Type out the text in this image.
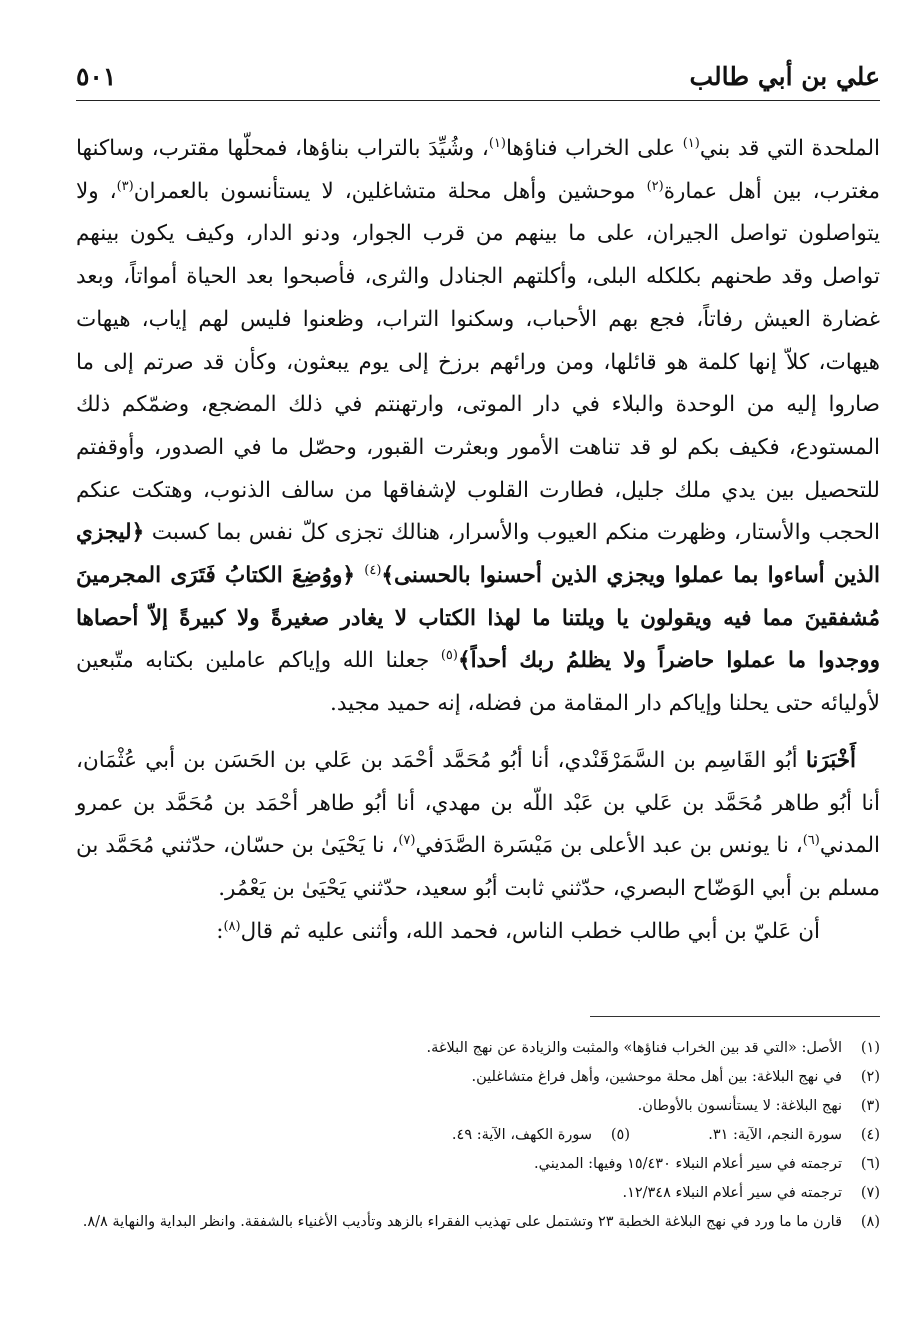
علي بن أبي طالب
٥٠١

الملحدة التي قد بني$^{(١)}$ على الخراب فناؤها$^{(١)}$، وشُيِّدَ بالتراب بناؤها، فمحلّها مقترب، وساكنها مغترب، بين أهل عمارة$^{(٢)}$ موحشين وأهل محلة متشاغلين، لا يستأنسون بالعمران$^{(٣)}$، ولا يتواصلون تواصل الجيران، على ما بينهم من قرب الجوار، ودنو الدار، وكيف يكون بينهم تواصل وقد طحنهم بكلكله البلى، وأكلتهم الجنادل والثرى، فأصبحوا بعد الحياة أمواتاً، وبعد غضارة العيش رفاتاً، فجع بهم الأحباب، وسكنوا التراب، وظعنوا فليس لهم إياب، هيهات هيهات، كلاّ إنها كلمة هو قائلها، ومن ورائهم برزخ إلى يوم يبعثون، وكأن قد صرتم إلى ما صاروا إليه من الوحدة والبلاء في دار الموتى، وارتهنتم في ذلك المضجع، وضمّكم ذلك المستودع، فكيف بكم لو قد تناهت الأمور وبعثرت القبور، وحصّل ما في الصدور، وأوقفتم للتحصيل بين يدي ملك جليل، فطارت القلوب لإشفاقها من سالف الذنوب، وهتكت عنكم الحجب والأستار، وظهرت منكم العيوب والأسرار، هنالك تجزى كلّ نفس بما كسبت ﴿ليجزي الذين أساءوا بما عملوا ويجزي الذين أحسنوا بالحسنى﴾$^{(٤)}$ ﴿ووُضِعَ الكتابُ فَتَرَى المجرمينَ مُشفقينَ مما فيه ويقولون يا ويلتنا ما لهذا الكتاب لا يغادر صغيرةً ولا كبيرةً إلاّ أحصاها ووجدوا ما عملوا حاضراً ولا يظلمُ ربك أحداً﴾$^{(٥)}$ جعلنا الله وإياكم عاملين بكتابه متّبعين لأوليائه حتى يحلنا وإياكم دار المقامة من فضله، إنه حميد مجيد.

أَخْبَرَنا أبُو القَاسِم بن السَّمَرْقَنْدي، أنا أبُو مُحَمَّد أحْمَد بن عَلي بن الحَسَن بن أبي عُثْمَان، أنا أبُو طاهر مُحَمَّد بن عَلي بن عَبْد اللّه بن مهدي، أنا أبُو طاهر أحْمَد بن مُحَمَّد بن عمرو المدني$^{(٦)}$، نا يونس بن عبد الأعلى بن مَيْسَرة الصَّدَفي$^{(٧)}$، نا يَحْيَىٰ بن حسّان، حدّثني مُحَمَّد بن مسلم بن أبي الوَضّاح البصري، حدّثني ثابت أبُو سعيد، حدّثني يَحْيَىٰ بن يَعْمُر.

أن عَليّ بن أبي طالب خطب الناس، فحمد الله، وأثنى عليه ثم قال$^{(٨)}$:

(١)
الأصل: «التي قد بين الخراب فناؤها» والمثبت والزيادة عن نهج البلاغة.
(٢)
في نهج البلاغة: بين أهل محلة موحشين، وأهل فراغ متشاغلين.
(٣)
نهج البلاغة: لا يستأنسون بالأوطان.
(٤)
سورة النجم، الآية: ٣١.
(٥)
سورة الكهف، الآية: ٤٩.
(٦)
ترجمته في سير أعلام النبلاء ١٥/٤٣٠ وفيها: المديني.
(٧)
ترجمته في سير أعلام النبلاء ١٢/٣٤٨.
(٨)
قارن ما ما ورد في نهج البلاغة الخطبة ٢٣ وتشتمل على تهذيب الفقراء بالزهد وتأديب الأغنياء بالشفقة. وانظر البداية والنهاية ٨/٨.
